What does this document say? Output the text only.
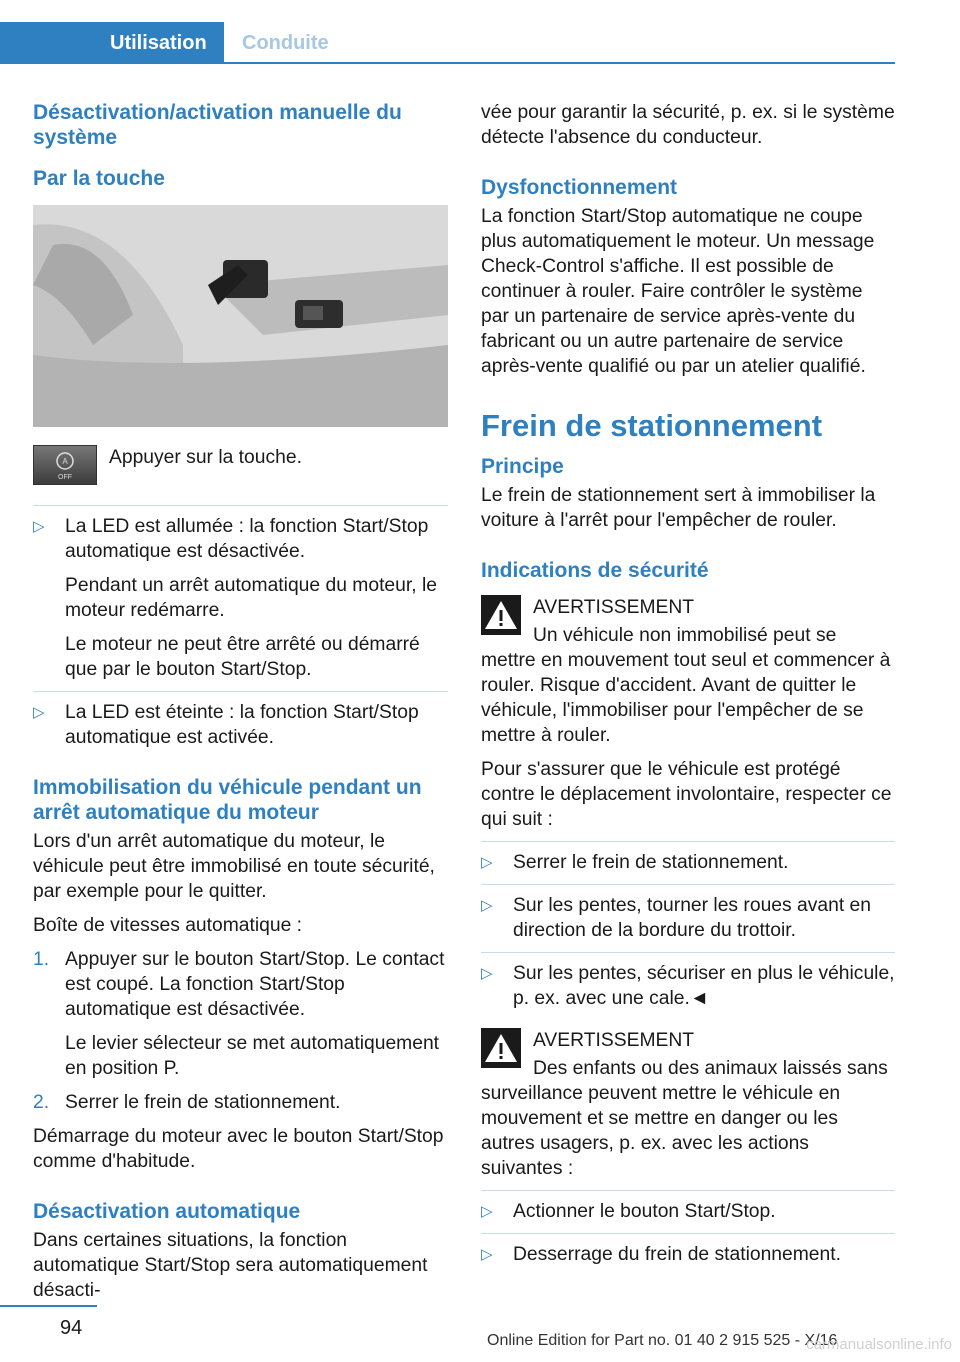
Utilisation	Conduite
Désactivation/activation manuelle du système
Par la touche
A
OFF

Appuyer sur la touche.

▷ La LED est allumée : la fonction Start/Stop automatique est désactivée.

Pendant un arrêt automatique du moteur, le moteur redémarre.

Le moteur ne peut être arrêté ou démarré que par le bouton Start/Stop.

▷ La LED est éteinte : la fonction Start/Stop automatique est activée.

Immobilisation du véhicule pendant un arrêt automatique du moteur

Lors d'un arrêt automatique du moteur, le véhicule peut être immobilisé en toute sécurité, par exemple pour le quitter.

Boîte de vitesses automatique :

1. Appuyer sur le bouton Start/Stop. Le contact est coupé. La fonction Start/Stop automatique est désactivée.

Le levier sélecteur se met automatiquement en position P.

2. Serrer le frein de stationnement.

Démarrage du moteur avec le bouton Start/Stop comme d'habitude.

Désactivation automatique

Dans certaines situations, la fonction automatique Start/Stop sera automatiquement désacti-

vée pour garantir la sécurité, p. ex. si le système détecte l'absence du conducteur.

Dysfonctionnement

La fonction Start/Stop automatique ne coupe plus automatiquement le moteur. Un message Check-Control s'affiche. Il est possible de continuer à rouler. Faire contrôler le système par un partenaire de service après-vente du fabricant ou un autre partenaire de service après-vente qualifié ou par un atelier qualifié.

Frein de stationnement
Principe

Le frein de stationnement sert à immobiliser la voiture à l'arrêt pour l'empêcher de rouler.

Indications de sécurité

AVERTISSEMENT

Un véhicule non immobilisé peut se mettre en mouvement tout seul et commencer à rouler. Risque d'accident. Avant de quitter le véhicule, l'immobiliser pour l'empêcher de se mettre à rouler.

Pour s'assurer que le véhicule est protégé contre le déplacement involontaire, respecter ce qui suit :

▷ Serrer le frein de stationnement.
▷ Sur les pentes, tourner les roues avant en direction de la bordure du trottoir.
▷ Sur les pentes, sécuriser en plus le véhicule, p. ex. avec une cale.◄

AVERTISSEMENT

Des enfants ou des animaux laissés sans surveillance peuvent mettre le véhicule en mouvement et se mettre en danger ou les autres usagers, p. ex. avec les actions suivantes :

▷ Actionner le bouton Start/Stop.
▷ Desserrage du frein de stationnement.
94
Online Edition for Part no. 01 40 2 915 525 - X/16
carmanualsonline.info
